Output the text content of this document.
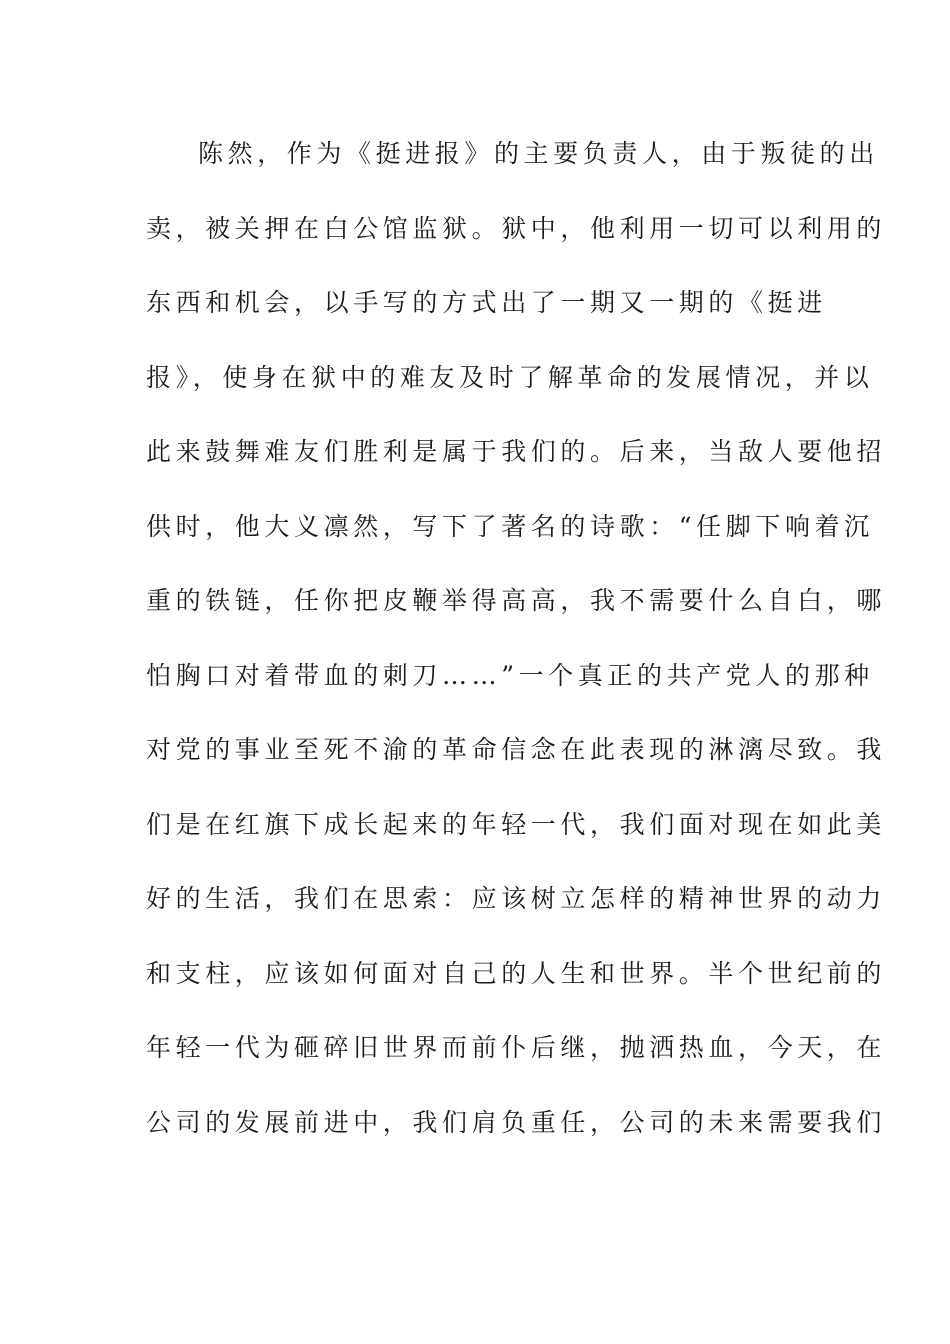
陈然，作为《挺进报》的主要负责人，由于叛徒的出
卖，被关押在白公馆监狱。狱中，他利用一切可以利用的
东西和机会，以手写的方式出了一期又一期的《挺进
报》，使身在狱中的难友及时了解革命的发展情况，并以
此来鼓舞难友们胜利是属于我们的。后来，当敌人要他招
供时，他大义凛然，写下了著名的诗歌：“任脚下响着沉
重的铁链，任你把皮鞭举得高高，我不需要什么自白，哪
怕胸口对着带血的刺刀……”一个真正的共产党人的那种
对党的事业至死不渝的革命信念在此表现的淋漓尽致。我
们是在红旗下成长起来的年轻一代，我们面对现在如此美
好的生活，我们在思索：应该树立怎样的精神世界的动力
和支柱，应该如何面对自己的人生和世界。半个世纪前的
年轻一代为砸碎旧世界而前仆后继，抛洒热血，今天，在
公司的发展前进中，我们肩负重任，公司的未来需要我们
